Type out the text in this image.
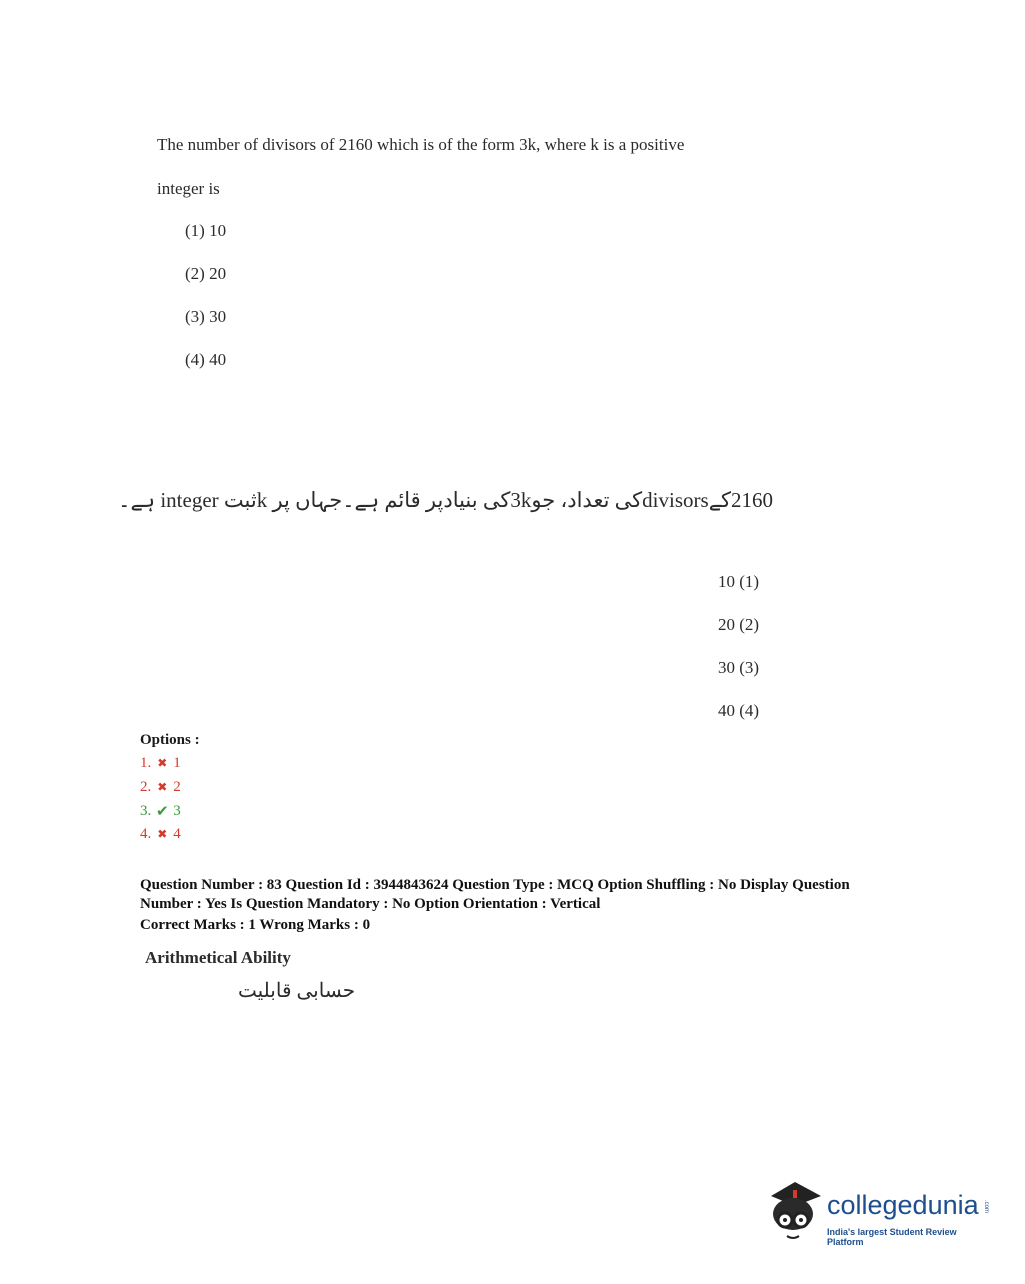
The number of divisors of 2160 which is of the form 3k, where k is a positive
integer is
(1) 10
(2) 20
(3) 30
(4) 40
2160کےdivisorsکی تعداد، جو3kکی بنیادپر قائم ہے۔جہاں پر kثبت integer ہے۔
10 (1)
20 (2)
30 (3)
40 (4)
Options :
1. ✖ 1
2. ✖ 2
3. ✔ 3
4. ✖ 4
Question Number : 83 Question Id : 3944843624 Question Type : MCQ Option Shuffling : No Display Question
Number : Yes Is Question Mandatory : No Option Orientation : Vertical
Correct Marks : 1 Wrong Marks : 0
Arithmetical Ability
حسابی قابلیت
collegedunia .com
India's largest Student Review Platform
